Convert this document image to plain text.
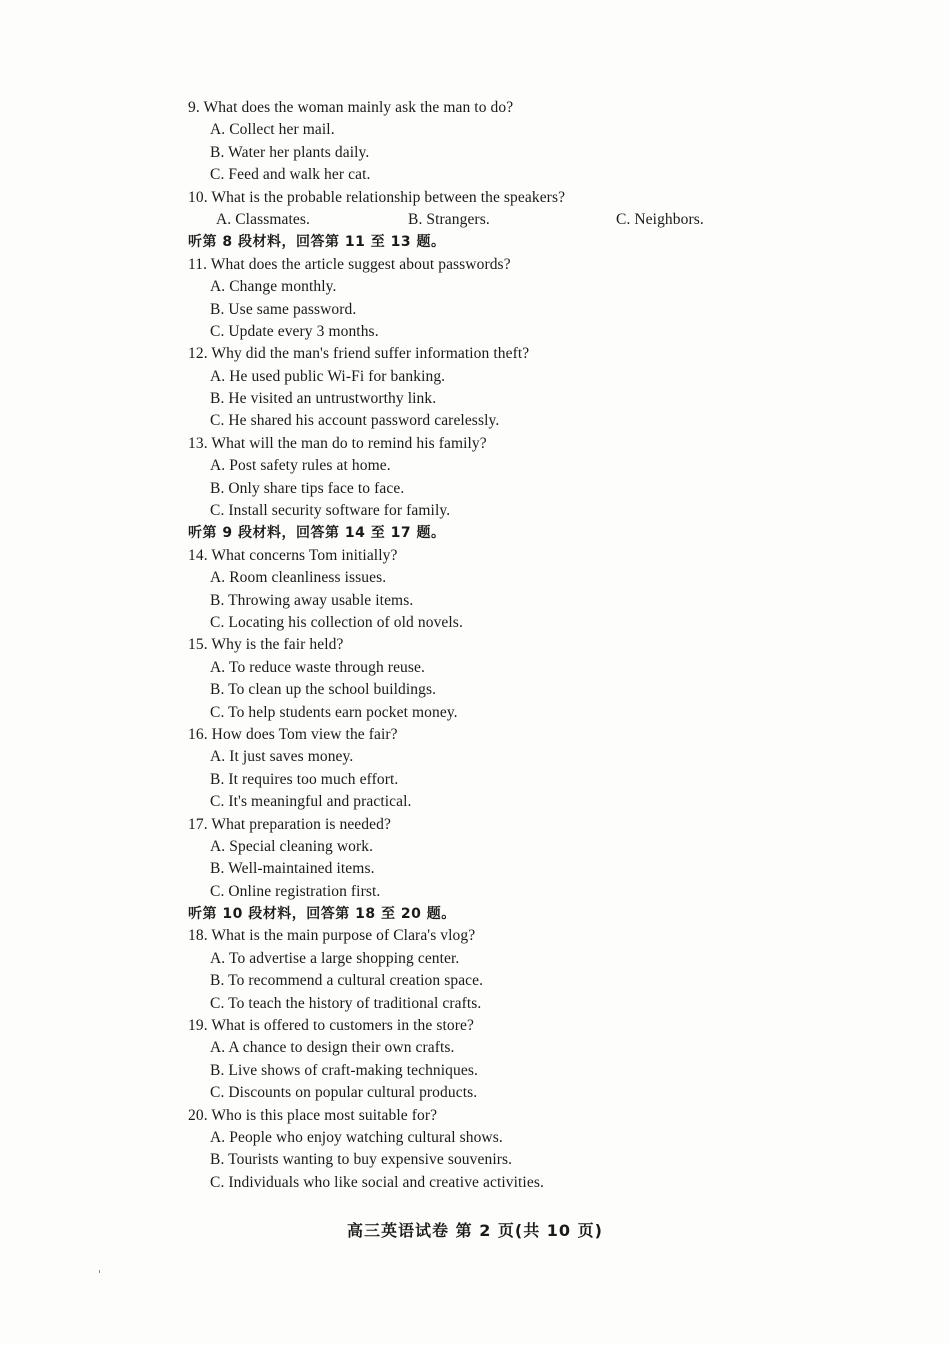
9. What does the woman mainly ask the man to do?
A. Collect her mail.
B. Water her plants daily.
C. Feed and walk her cat.
10. What is the probable relationship between the speakers?
A. Classmates.	B. Strangers.	C. Neighbors.
听第 8 段材料，回答第 11 至 13 题。
11. What does the article suggest about passwords?
A. Change monthly.
B. Use same password.
C. Update every 3 months.
12. Why did the man's friend suffer information theft?
A. He used public Wi-Fi for banking.
B. He visited an untrustworthy link.
C. He shared his account password carelessly.
13. What will the man do to remind his family?
A. Post safety rules at home.
B. Only share tips face to face.
C. Install security software for family.
听第 9 段材料，回答第 14 至 17 题。
14. What concerns Tom initially?
A. Room cleanliness issues.
B. Throwing away usable items.
C. Locating his collection of old novels.
15. Why is the fair held?
A. To reduce waste through reuse.
B. To clean up the school buildings.
C. To help students earn pocket money.
16. How does Tom view the fair?
A. It just saves money.
B. It requires too much effort.
C. It's meaningful and practical.
17. What preparation is needed?
A. Special cleaning work.
B. Well-maintained items.
C. Online registration first.
听第 10 段材料，回答第 18 至 20 题。
18. What is the main purpose of Clara's vlog?
A. To advertise a large shopping center.
B. To recommend a cultural creation space.
C. To teach the history of traditional crafts.
19. What is offered to customers in the store?
A. A chance to design their own crafts.
B. Live shows of craft-making techniques.
C. Discounts on popular cultural products.
20. Who is this place most suitable for?
A. People who enjoy watching cultural shows.
B. Tourists wanting to buy expensive souvenirs.
C. Individuals who like social and creative activities.
高三英语试卷 第 2 页(共 10 页)
